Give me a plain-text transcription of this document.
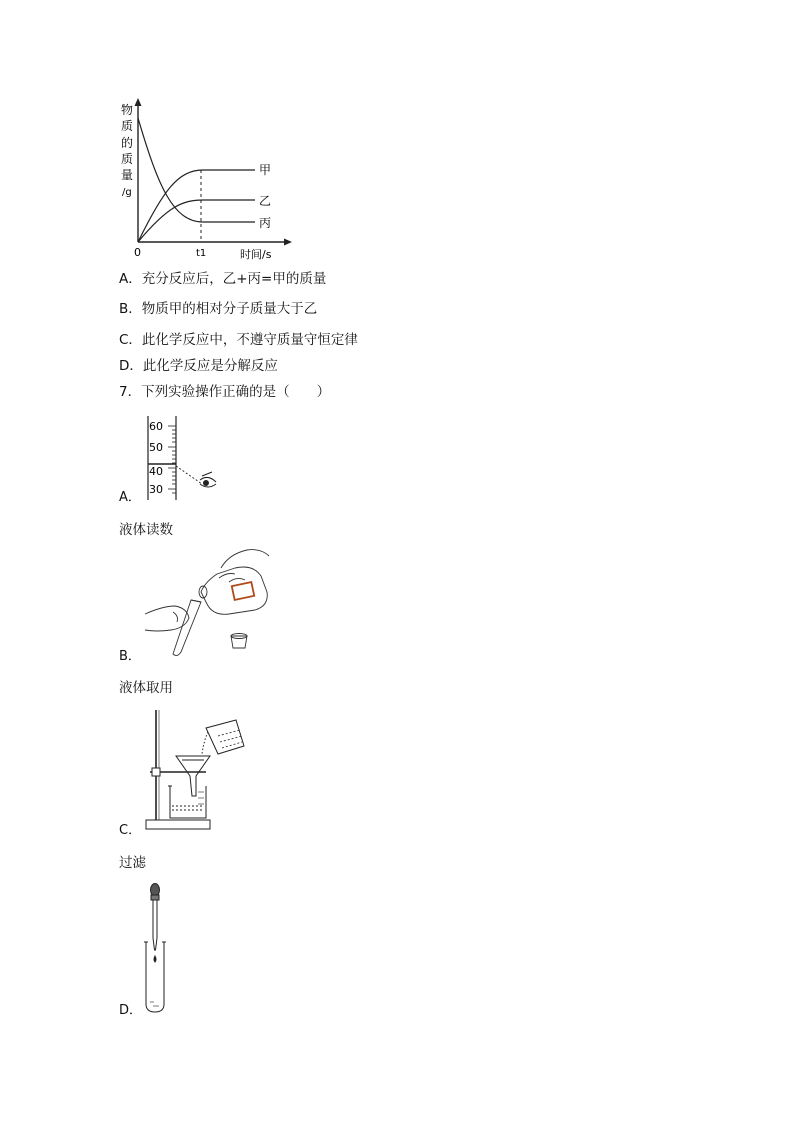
物
质
的
质
量
/g
0	t1	时间/s
甲
乙
丙
A．充分反应后，乙+丙=甲的质量
B．物质甲的相对分子质量大于乙
C．此化学反应中，不遵守质量守恒定律
D．此化学反应是分解反应
7．下列实验操作正确的是（　　）
60
50
40
30
A．
液体读数
B．
液体取用
C．
过滤
D．
